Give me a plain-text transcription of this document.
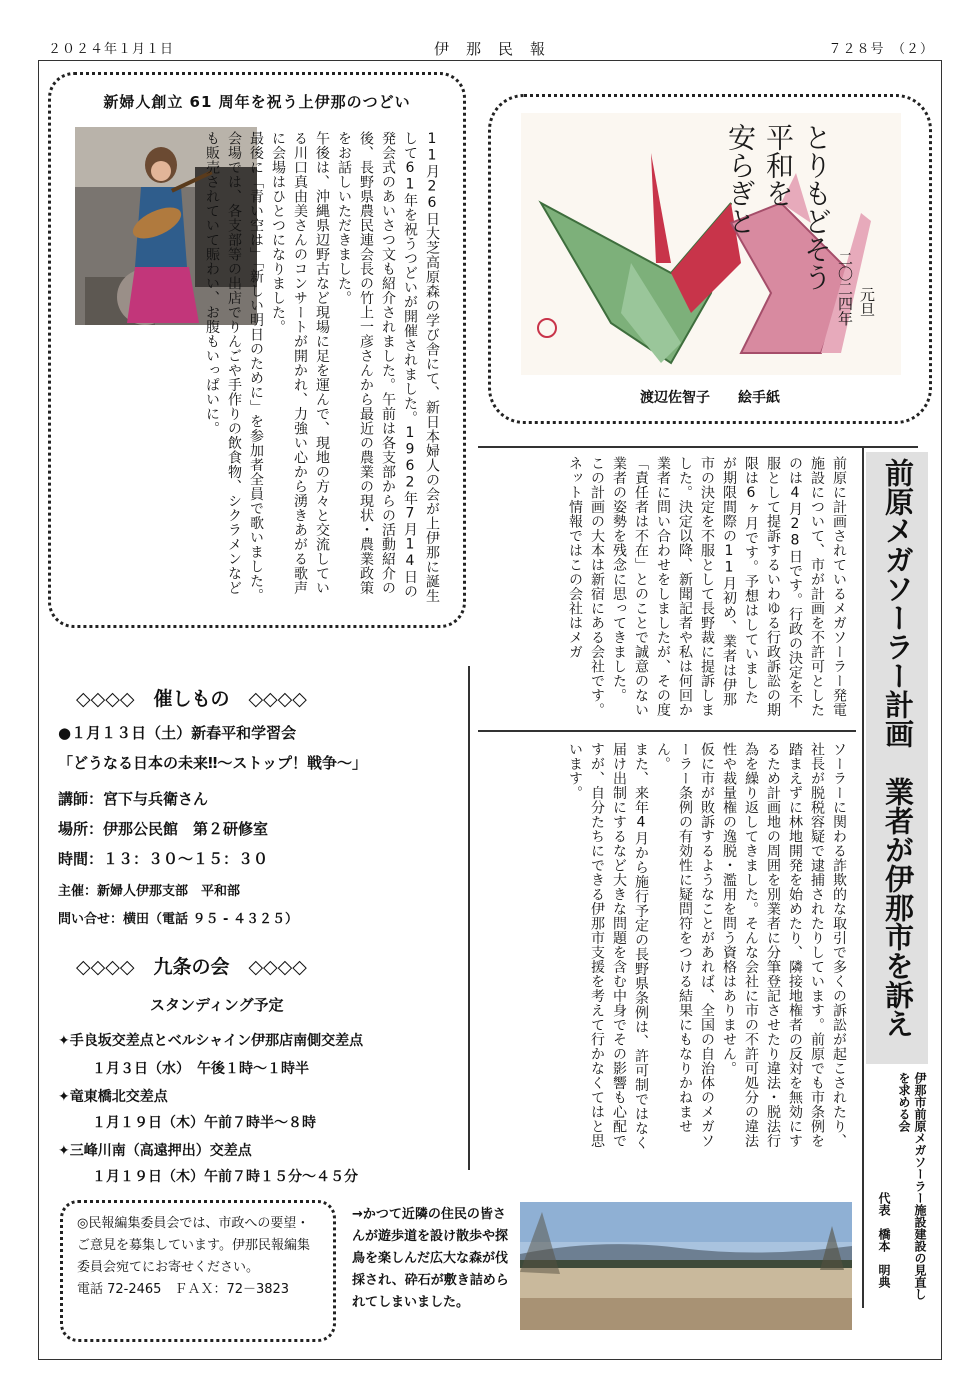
２０２４年１月１日	伊　那　民　報	７２８号　（２）
新婦人創立 61 周年を祝う上伊那のつどい
11月26日大芝高原森の学び舎にて、新日本婦人の会が上伊那に誕生して61年を祝うつどいが開催されました。1962年7月14日の発会式のあいさつ文も紹介されました。午前は各支部からの活動紹介の後、長野県農民連会長の竹上一彦さんから最近の農業の現状・農業政策をお話しいただきました。
午後は、沖縄県辺野古など現場に足を運んで、現地の方々と交流している川口真由美さんのコンサートが開かれ、力強い心から湧きあがる歌声に会場はひとつになりました。
最後に「青い空は」「新しい明日のために」を参加者全員で歌いました。
会場では、各支部等の出店でりんごや手作りの飲食物、シクラメンなども販売されていて賑わい、お腹もいっぱいに。	安らぎと 平和を とりもどそう 二〇二四年 元旦
渡辺佐智子　　絵手紙
前原メガソーラー計画　業者が伊那市を訴え
伊那市前原メガソーラー施設建設の見直しを求める会
代表　橋本　明典
前原に計画されているメガソーラー発電施設について、市が計画を不許可としたのは4月28日です。行政の決定を不服として提訴するいわゆる行政訴訟の期限は6ヶ月です。予想はしていましたが期限間際の11月初め、業者は伊那市の決定を不服として長野裁に提訴しました。決定以降、新聞記者や私は何回か業者に問い合わせをしましたが、その度「責任者は不在」とのことで誠意のない業者の姿勢を残念に思ってきました。
この計画の大本は新宿にある会社です。ネット情報ではこの会社はメガ
ソーラーに関わる詐欺的な取引で多くの訴訟が起こされたり、社長が脱税容疑で逮捕されたりしています。前原でも市条例を踏まえずに林地開発を始めたり、隣接地権者の反対を無効にするため計画地の周囲を別業者に分筆登記させたり違法・脱法行為を繰り返してきました。そんな会社に市の不許可処分の違法性や裁量権の逸脱・濫用を問う資格はありません。
仮に市が敗訴するようなことがあれば、全国の自治体のメガソーラー条例の有効性に疑問符をつける結果にもなりかねません。
また、来年4月から施行予定の長野県条例は、許可制ではなく届け出制にするなど大きな問題を含む中身でその影響も心配ですが、自分たちにできる伊那市支援を考えて行かなくてはと思います。
◇◇◇◇　催しもの　◇◇◇◇
●１月１３日（土）新春平和学習会
「どうなる日本の未来‼～ストップ！戦争～」
講師：宮下与兵衛さん
場所：伊那公民館　第２研修室
時間：１３：３０～１５：３０
主催：新婦人伊那支部　平和部
問い合せ：横田（電話 ９５ - ４３２５）
◇◇◇◇　九条の会　◇◇◇◇
スタンディング予定
✦手良坂交差点とベルシャイン伊那店南側交差点
１月３日（水）　午後１時～１時半
✦竜東橋北交差点
１月１９日（木）午前７時半～８時
✦三峰川南（高遠押出）交差点
１月１９日（木）午前７時１５分～４５分
◎民報編集委員会では、市政への要望・ご意見を募集しています。伊那民報編集委員会宛てにお寄せください。
電話 72-2465　ＦＡＸ：72－3823
→かつて近隣の住民の皆さんが遊歩道を設け散歩や探鳥を楽しんだ広大な森が伐採され、砕石が敷き詰められてしまいました。
